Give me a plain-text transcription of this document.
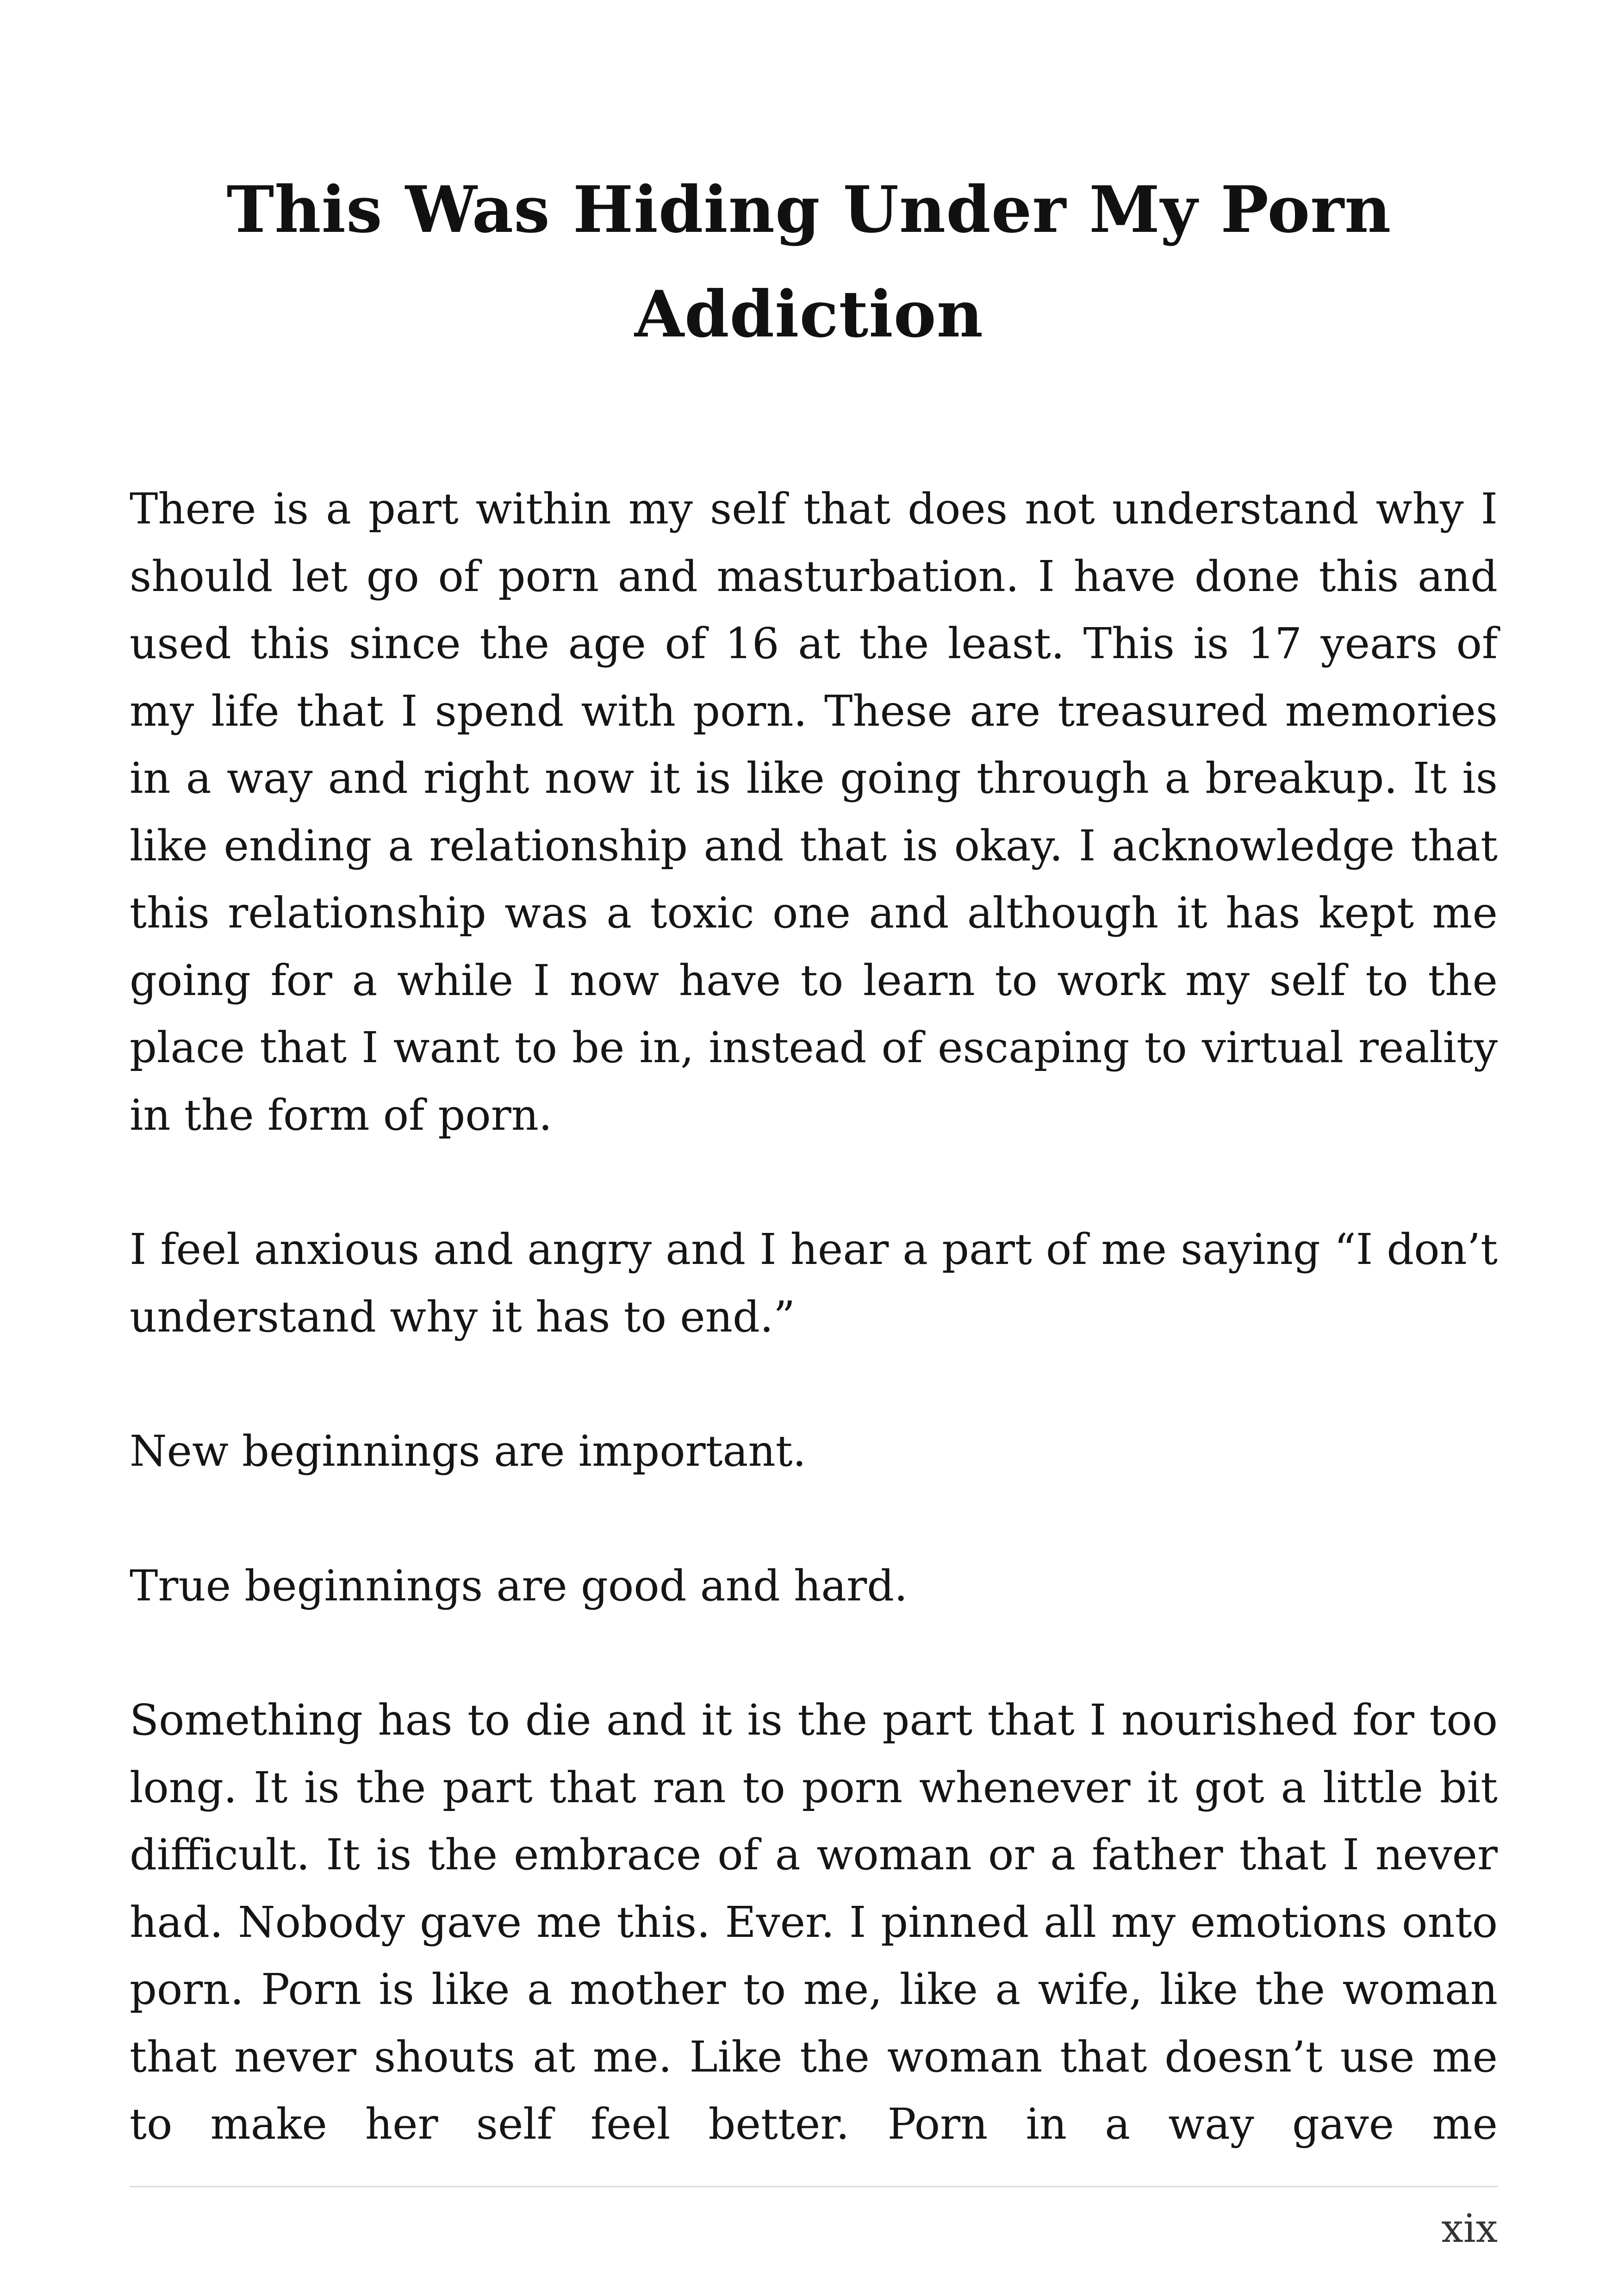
This Was Hiding Under My Porn
Addiction

There is a part within my self that does not understand why I should let go of porn and masturbation. I have done this and used this since the age of 16 at the least. This is 17 years of my life that I spend with porn. These are treasured memories in a way and right now it is like going through a breakup. It is like ending a relationship and that is okay. I acknowledge that this relationship was a toxic one and although it has kept me going for a while I now have to learn to work my self to the place that I want to be in, instead of escaping to virtual reality in the form of porn.

I feel anxious and angry and I hear a part of me saying “I don’t understand why it has to end.”

New beginnings are important.

True beginnings are good and hard.

Something has to die and it is the part that I nourished for too long. It is the part that ran to porn whenever it got a little bit difficult. It is the embrace of a woman or a father that I never had. Nobody gave me this. Ever. I pinned all my emotions onto porn. Porn is like a mother to me, like a wife, like the woman that never shouts at me. Like the woman that doesn’t use me to make her self feel better. Porn in a way gave me

xix
